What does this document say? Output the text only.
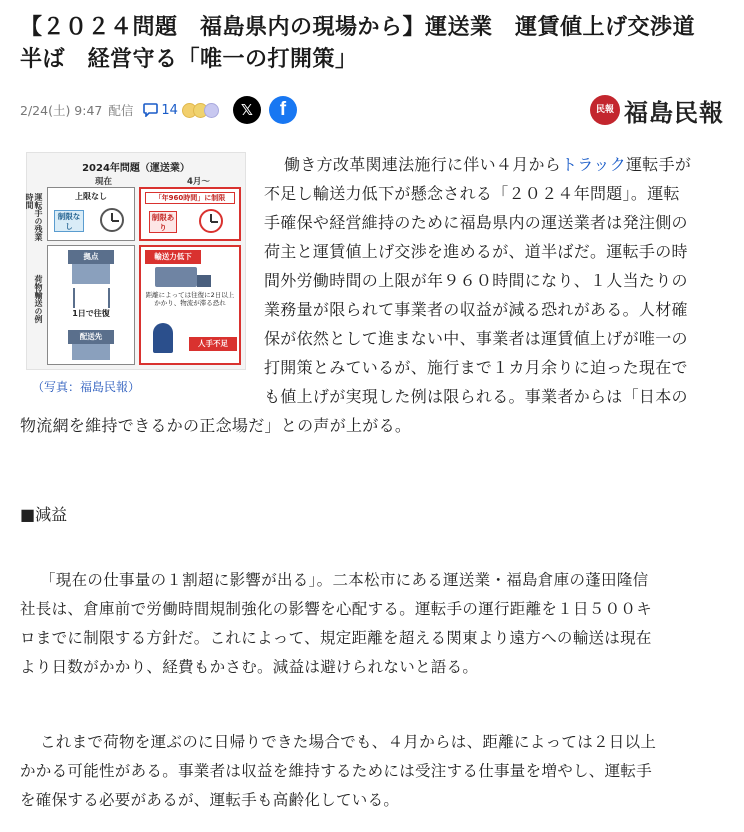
【２０２４問題　福島県内の現場から】運送業　運賃値上げ交渉道
半ば　経営守る「唯一の打開策」
2/24(土) 9:47 配信 14	𝕏 f	民報 福島民報
2024年問題（運送業）
現在	4月〜
運転手の残業時間
荷物輸送の例
上限なし
制限なし
「年960時間」に制限
制限あり
拠点
1日で往復
配送先
輸送力低下
距離によっては往復に2日以上かかり、物流が滞る恐れ
人手不足
（写真：福島民報）
働き方改革関連法施行に伴い４月からトラック運転手が
不足し輸送力低下が懸念される「２０２４年問題」。運転
手確保や経営維持のために福島県内の運送業者は発注側の
荷主と運賃値上げ交渉を進めるが、道半ばだ。運転手の時
間外労働時間の上限が年９６０時間になり、１人当たりの
業務量が限られて事業者の収益が減る恐れがある。人材確
保が依然として進まない中、事業者は運賃値上げが唯一の
打開策とみているが、施行まで１カ月余りに迫った現在で
も値上げが実現した例は限られる。事業者からは「日本の
物流網を維持できるかの正念場だ」との声が上がる。
■減益
「現在の仕事量の１割超に影響が出る」。二本松市にある運送業・福島倉庫の蓬田隆信
社長は、倉庫前で労働時間規制強化の影響を心配する。運転手の運行距離を１日５００キ
ロまでに制限する方針だ。これによって、規定距離を超える関東より遠方への輸送は現在
より日数がかかり、経費もかさむ。減益は避けられないと語る。
これまで荷物を運ぶのに日帰りできた場合でも、４月からは、距離によっては２日以上
かかる可能性がある。事業者は収益を維持するためには受注する仕事量を増やし、運転手
を確保する必要があるが、運転手も高齢化している。
